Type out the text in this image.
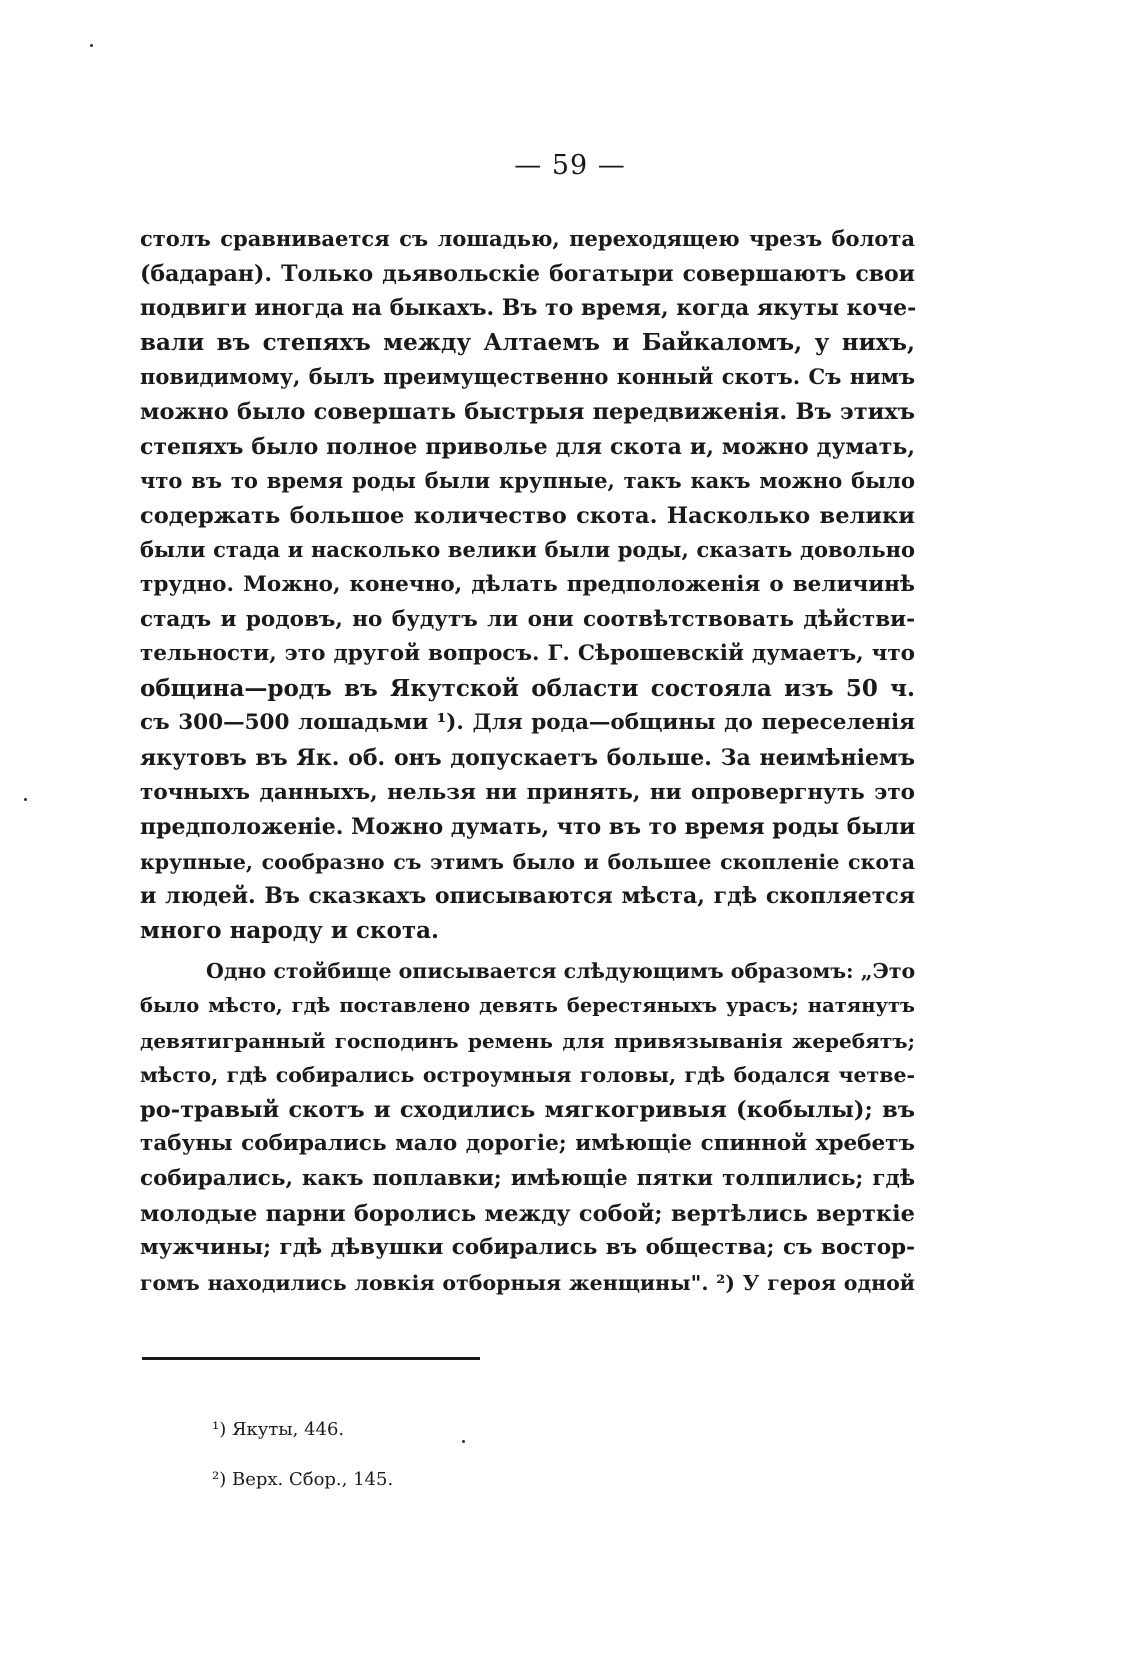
— 59 —
столъ сравнивается съ лошадью, переходящею чрезъ болота
(бадаран). Только дьявольскіе богатыри совершаютъ свои
подвиги иногда на быкахъ. Въ то время, когда якуты коче-
вали въ степяхъ между Алтаемъ и Байкаломъ, у нихъ,
повидимому, былъ преимущественно конный скотъ. Съ нимъ
можно было совершать быстрыя передвиженія. Въ этихъ
степяхъ было полное приволье для скота и, можно думать,
что въ то время роды были крупные, такъ какъ можно было
содержать большое количество скота. Насколько велики
были стада и насколько велики были роды, сказать довольно
трудно. Можно, конечно, дѣлать предположенія о величинѣ
стадъ и родовъ, но будутъ ли они соотвѣтствовать дѣйстви-
тельности, это другой вопросъ. Г. Сѣрошевскій думаетъ, что
община—родъ въ Якутской области состояла изъ 50 ч.
съ 300—500 лошадьми ¹). Для рода—общины до переселенія
якутовъ въ Як. об. онъ допускаетъ больше. За неимѣніемъ
точныхъ данныхъ, нельзя ни принять, ни опровергнуть это
предположеніе. Можно думать, что въ то время роды были
крупные, сообразно съ этимъ было и большее скопленіе скота
и людей. Въ сказкахъ описываются мѣста, гдѣ скопляется
много народу и скота.
Одно стойбище описывается слѣдующимъ образомъ: „Это
было мѣсто, гдѣ поставлено девять берестяныхъ урасъ; натянутъ
девятигранный господинъ ремень для привязыванія жеребятъ;
мѣсто, гдѣ собирались остроумныя головы, гдѣ бодался четве-
ро-травый скотъ и сходились мягкогривыя (кобылы); въ
табуны собирались мало дорогіе; имѣющіе спинной хребетъ
собирались, какъ поплавки; имѣющіе пятки толпились; гдѣ
молодые парни боролись между собой; вертѣлись верткіе
мужчины; гдѣ дѣвушки собирались въ общества; съ востор-
гомъ находились ловкія отборныя женщины". ²) У героя одной
¹) Якуты, 446.
²) Верх. Сбор., 145.
